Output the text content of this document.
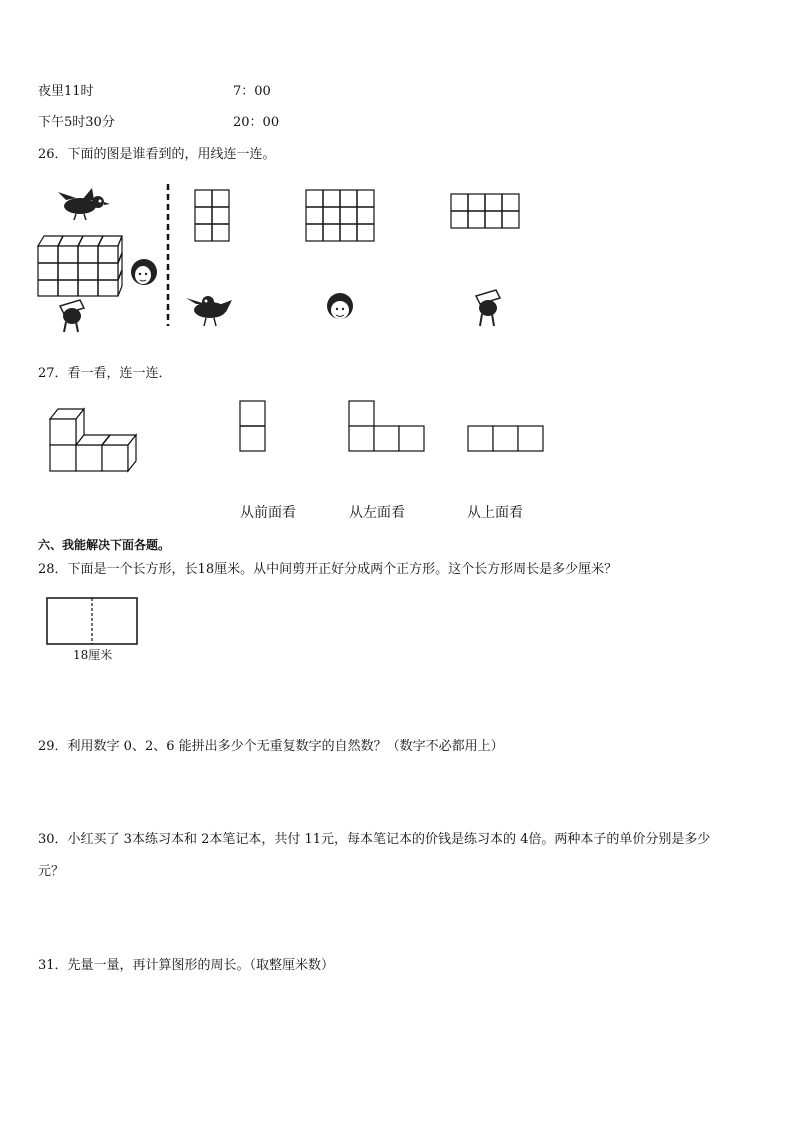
夜里11时	7：00
下午5时30分	20：00
26．下面的图是谁看到的，用线连一连。
27．看一看，连一连．
从前面看	从左面看	从上面看
六、我能解决下面各题。
28．下面是一个长方形，长18厘米。从中间剪开正好分成两个正方形。这个长方形周长是多少厘米？
18厘米
29．利用数字 0、2、6 能拼出多少个无重复数字的自然数？（数字不必都用上）
30．小红买了 3本练习本和 2本笔记本，共付 11元，每本笔记本的价钱是练习本的 4倍。两种本子的单价分别是多少
元？
31．先量一量，再计算图形的周长。（取整厘米数）
